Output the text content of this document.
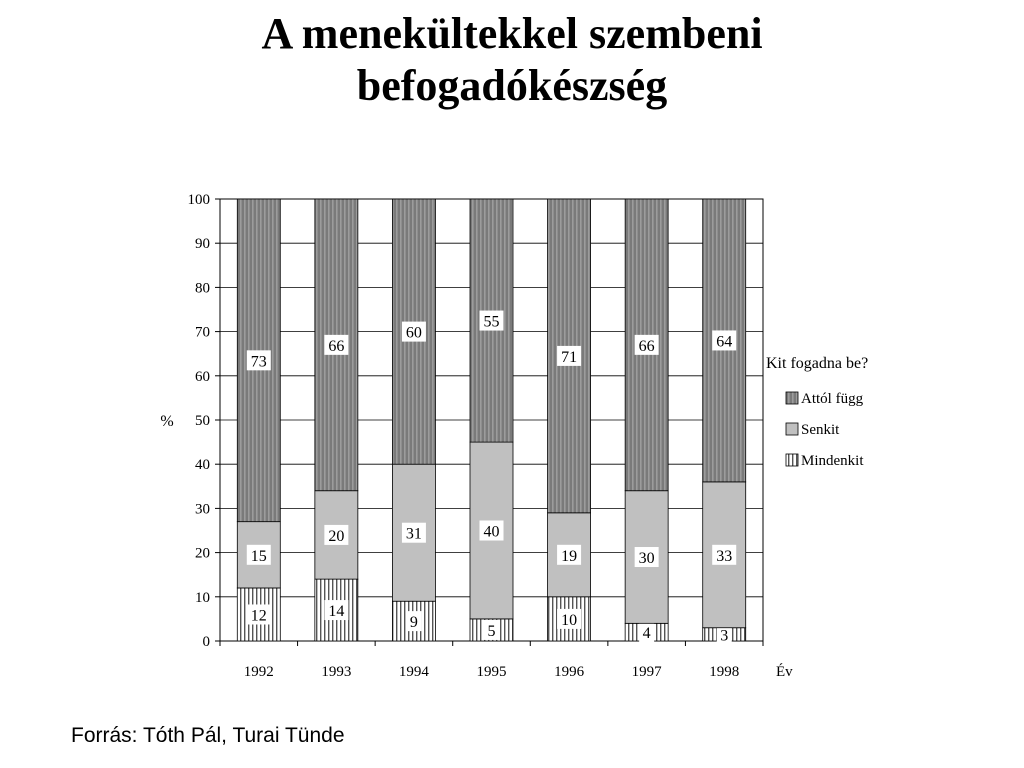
A menekültekkel szembeni
befogadókészség
0
10
20
30
40
50
60
70
80
90
100
12
15
73
1992
14
20
66
1993
9
31
60
1994
5
40
55
1995
10
19
71
1996
4
30
66
1997
3
33
64
1998
%
Év
Kit fogadna be?
Attól függ
Senkit
Mindenkit
Forrás: Tóth Pál, Turai Tünde
